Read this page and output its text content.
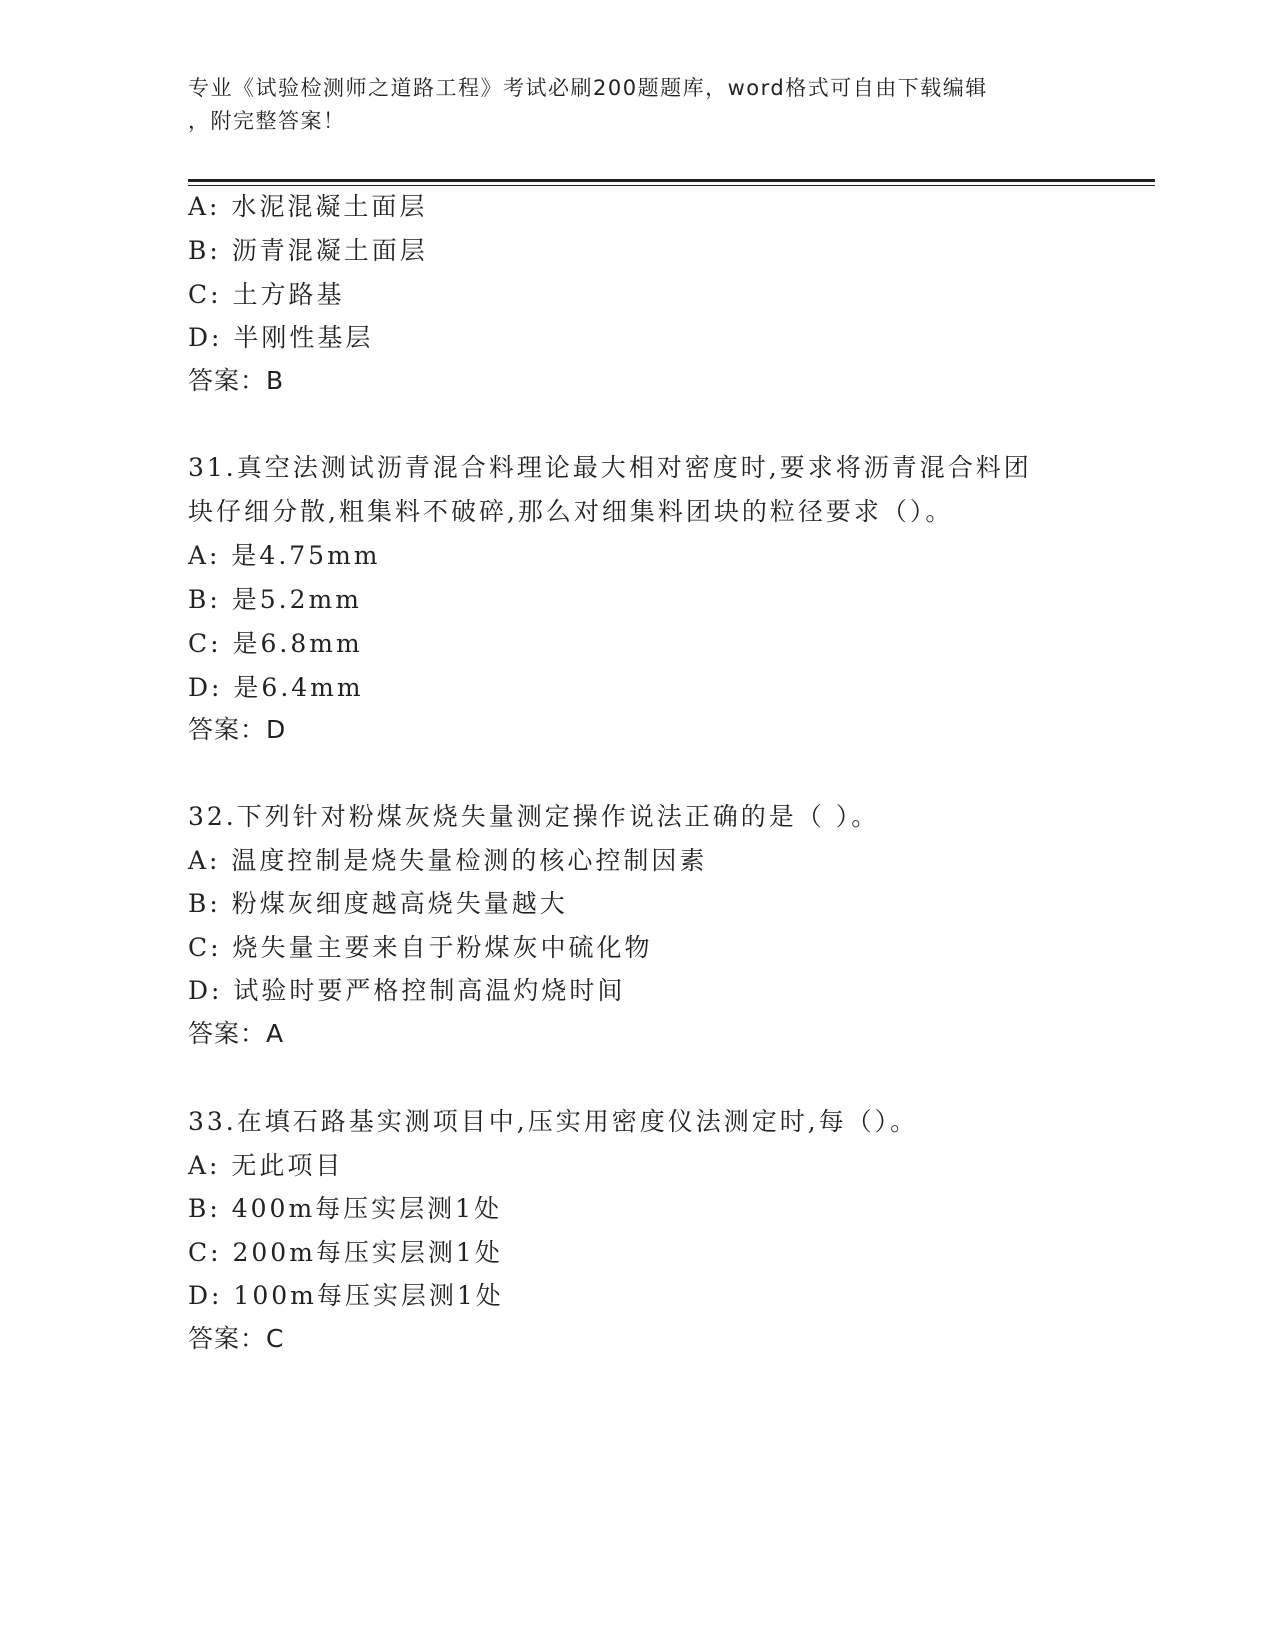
专业《试验检测师之道路工程》考试必刷200题题库，word格式可自由下载编辑
，附完整答案！
A: 水泥混凝土面层
B: 沥青混凝土面层
C: 土方路基
D: 半刚性基层
答案：B
31.真空法测试沥青混合料理论最大相对密度时,要求将沥青混合料团
块仔细分散,粗集料不破碎,那么对细集料团块的粒径要求（）。
A: 是4.75mm
B: 是5.2mm
C: 是6.8mm
D: 是6.4mm
答案：D
32.下列针对粉煤灰烧失量测定操作说法正确的是（ ）。
A: 温度控制是烧失量检测的核心控制因素
B: 粉煤灰细度越高烧失量越大
C: 烧失量主要来自于粉煤灰中硫化物
D: 试验时要严格控制高温灼烧时间
答案：A
33.在填石路基实测项目中,压实用密度仪法测定时,每（）。
A: 无此项目
B: 400m每压实层测1处
C: 200m每压实层测1处
D: 100m每压实层测1处
答案：C
